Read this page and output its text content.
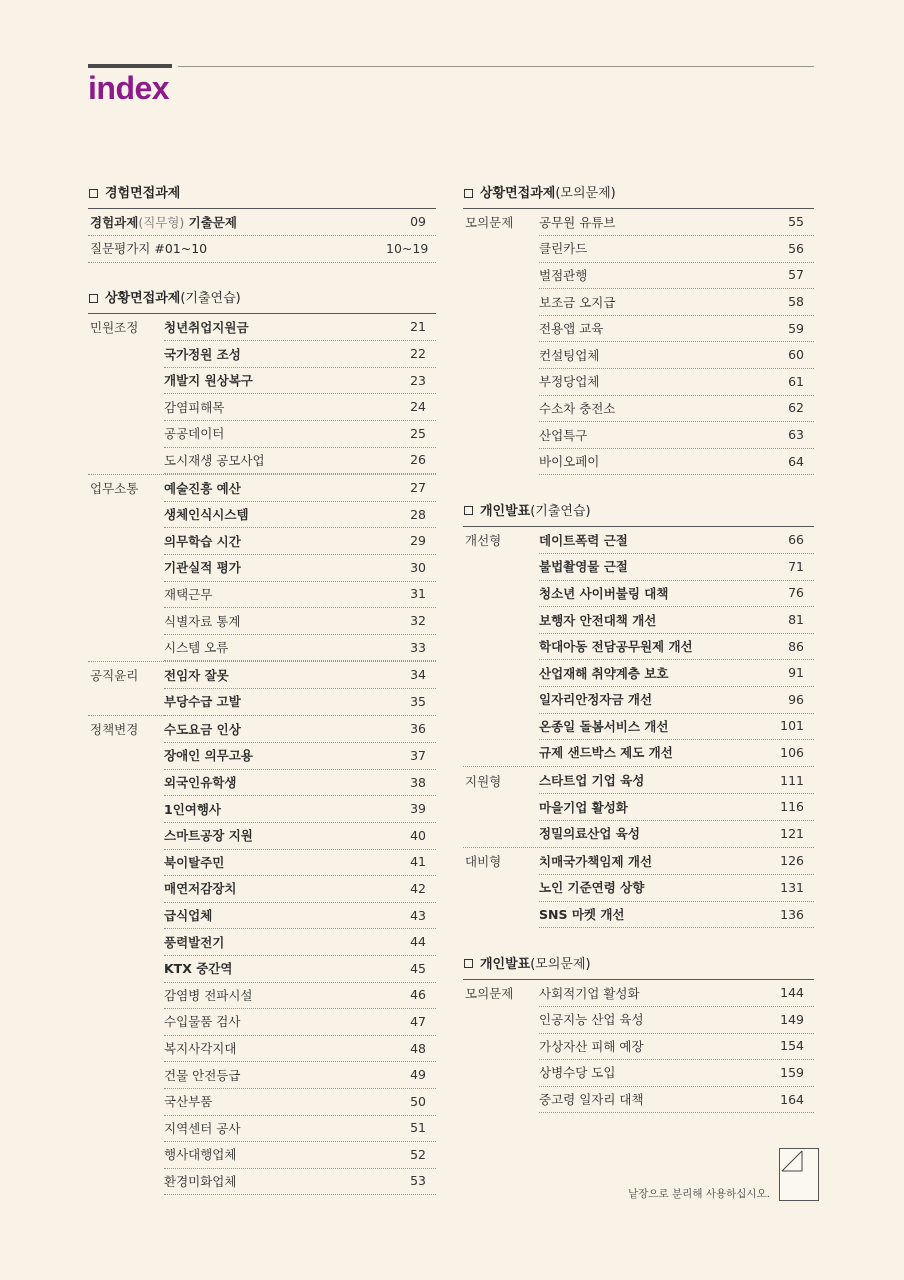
index
경험면접과제
경험과제(직무형) 기출문제	09
질문평가지 #01~10	10~19
상황면접과제(기출연습)
민원조정	청년취업지원금	21
국가정원 조성	22
개발지 원상복구	23
감염피해목	24
공공데이터	25
도시재생 공모사업	26
업무소통	예술진흥 예산	27
생체인식시스템	28
의무학습 시간	29
기관실적 평가	30
재택근무	31
식별자료 통계	32
시스템 오류	33
공직윤리	전임자 잘못	34
부당수급 고발	35
정책변경	수도요금 인상	36
장애인 의무고용	37
외국인유학생	38
1인여행사	39
스마트공장 지원	40
북이탈주민	41
매연저감장치	42
급식업체	43
풍력발전기	44
KTX 중간역	45
감염병 전파시설	46
수입물품 검사	47
복지사각지대	48
건물 안전등급	49
국산부품	50
지역센터 공사	51
행사대행업체	52
환경미화업체	53
상황면접과제(모의문제)
모의문제	공무원 유튜브	55
클린카드	56
벌점관행	57
보조금 오지급	58
전용앱 교육	59
컨설팅업체	60
부정당업체	61
수소차 충전소	62
산업특구	63
바이오페이	64
개인발표(기출연습)
개선형	데이트폭력 근절	66
불법촬영물 근절	71
청소년 사이버불링 대책	76
보행자 안전대책 개선	81
학대아동 전담공무원제 개선	86
산업재해 취약계층 보호	91
일자리안정자금 개선	96
온종일 돌봄서비스 개선	101
규제 샌드박스 제도 개선	106
지원형	스타트업 기업 육성	111
마을기업 활성화	116
정밀의료산업 육성	121
대비형	치매국가책임제 개선	126
노인 기준연령 상향	131
SNS 마켓 개선	136
개인발표(모의문제)
모의문제	사회적기업 활성화	144
인공지능 산업 육성	149
가상자산 피해 예장	154
상병수당 도입	159
중고령 일자리 대책	164
낱장으로 분리해 사용하십시오.
